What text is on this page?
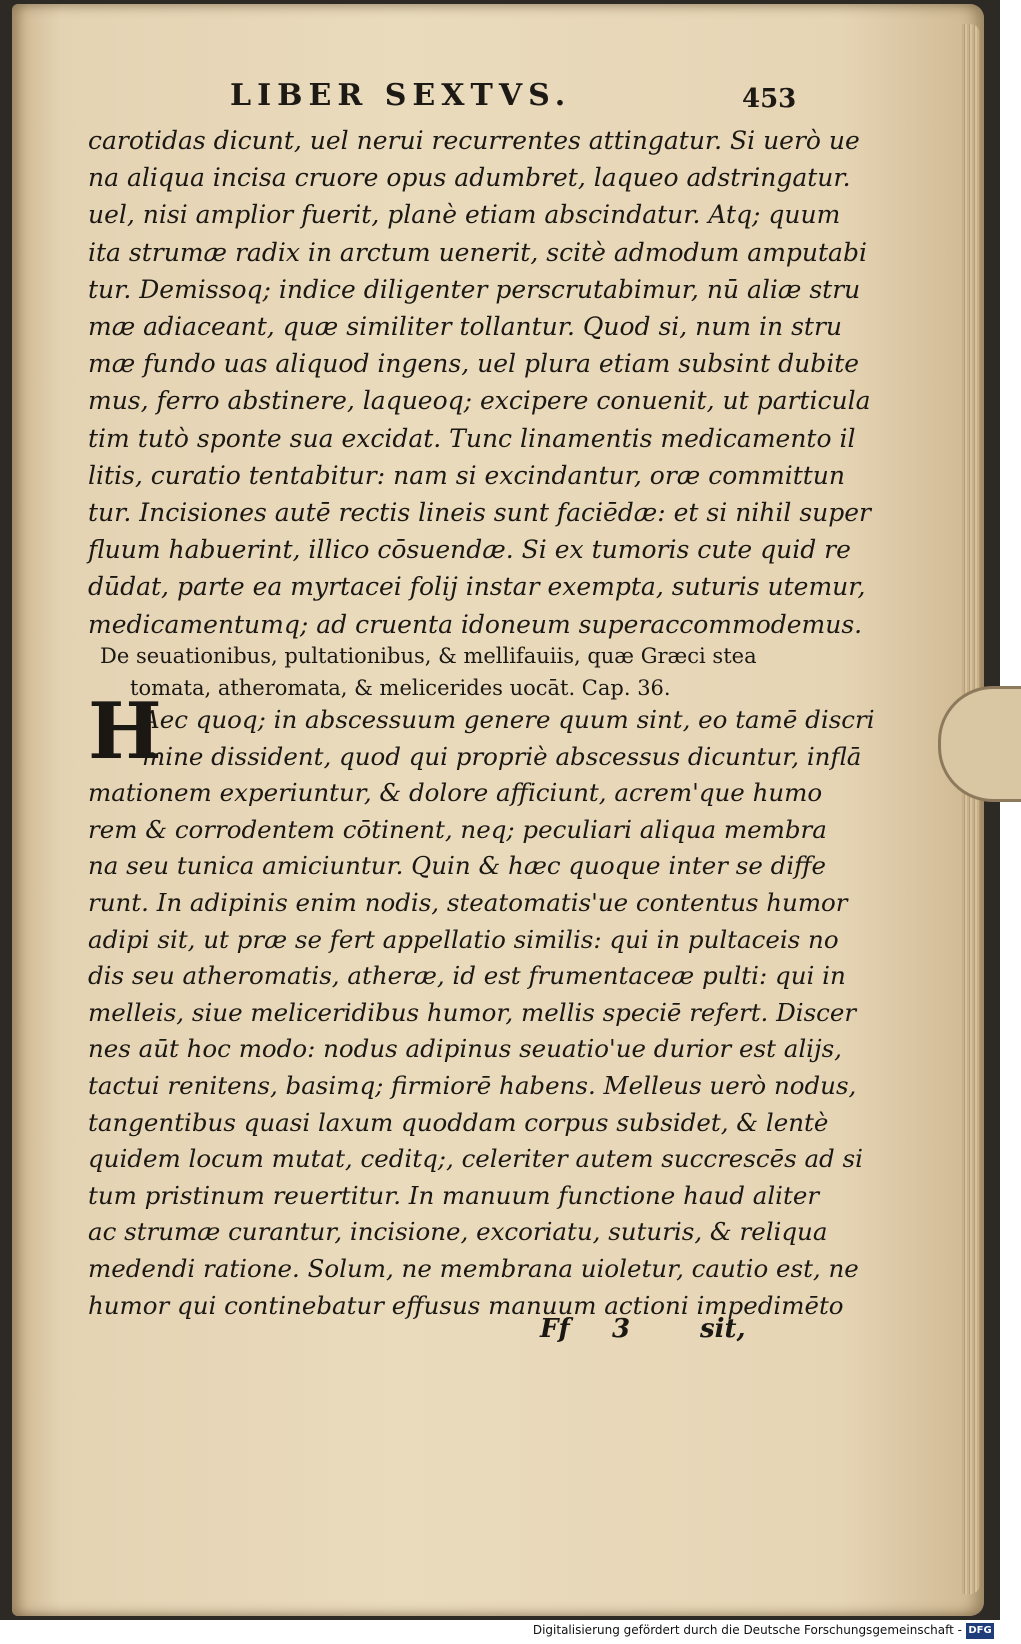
LIBER SEXTVS.	453

carotidas dicunt, uel nerui recurrentes attingatur. Si uerò ue

na aliqua incisa cruore opus adumbret, laqueo adstringatur.

uel, nisi amplior fuerit, planè etiam abscindatur. Atq; quum

ita strumæ radix in arctum uenerit, scitè admodum amputabi

tur. Demissoq; indice diligenter perscrutabimur, nū aliæ stru

mæ adiaceant, quæ similiter tollantur. Quod si, num in stru

mæ fundo uas aliquod ingens, uel plura etiam subsint dubite

mus, ferro abstinere, laqueoq; excipere conuenit, ut particula

tim tutò sponte sua excidat. Tunc linamentis medicamento il

litis, curatio tentabitur: nam si excindantur, oræ committun

tur. Incisiones autē rectis lineis sunt faciēdæ: et si nihil super

fluum habuerint, illico cōsuendæ. Si ex tumoris cute quid re

dūdat, parte ea myrtacei folij instar exempta, suturis utemur,

medicamentumq; ad cruenta idoneum superaccommodemus.

De seuationibus, pultationibus, & mellifauiis, quæ Græci stea

tomata, atheromata, & melicerides uocāt. Cap. 36.

H

Aec quoq; in abscessuum genere quum sint, eo tamē discri

mine dissident, quod qui propriè abscessus dicuntur, inflā

mationem experiuntur, & dolore afficiunt, acrem'que humo

rem & corrodentem cōtinent, neq; peculiari aliqua membra

na seu tunica amiciuntur. Quin & hæc quoque inter se diffe

runt. In adipinis enim nodis, steatomatis'ue contentus humor

adipi sit, ut præ se fert appellatio similis: qui in pultaceis no

dis seu atheromatis, atheræ, id est frumentaceæ pulti: qui in

melleis, siue meliceridibus humor, mellis speciē refert. Discer

nes aūt hoc modo: nodus adipinus seuatio'ue durior est alijs,

tactui renitens, basimq; firmiorē habens. Melleus uerò nodus,

tangentibus quasi laxum quoddam corpus subsidet, & lentè

quidem locum mutat, ceditq;, celeriter autem succrescēs ad si

tum pristinum reuertitur. In manuum functione haud aliter

ac strumæ curantur, incisione, excoriatu, suturis, & reliqua

medendi ratione. Solum, ne membrana uioletur, cautio est, ne

humor qui continebatur effusus manuum actioni impedimēto

Ff 3	sit,
Digitalisierung gefördert durch die Deutsche Forschungsgemeinschaft - DFG
